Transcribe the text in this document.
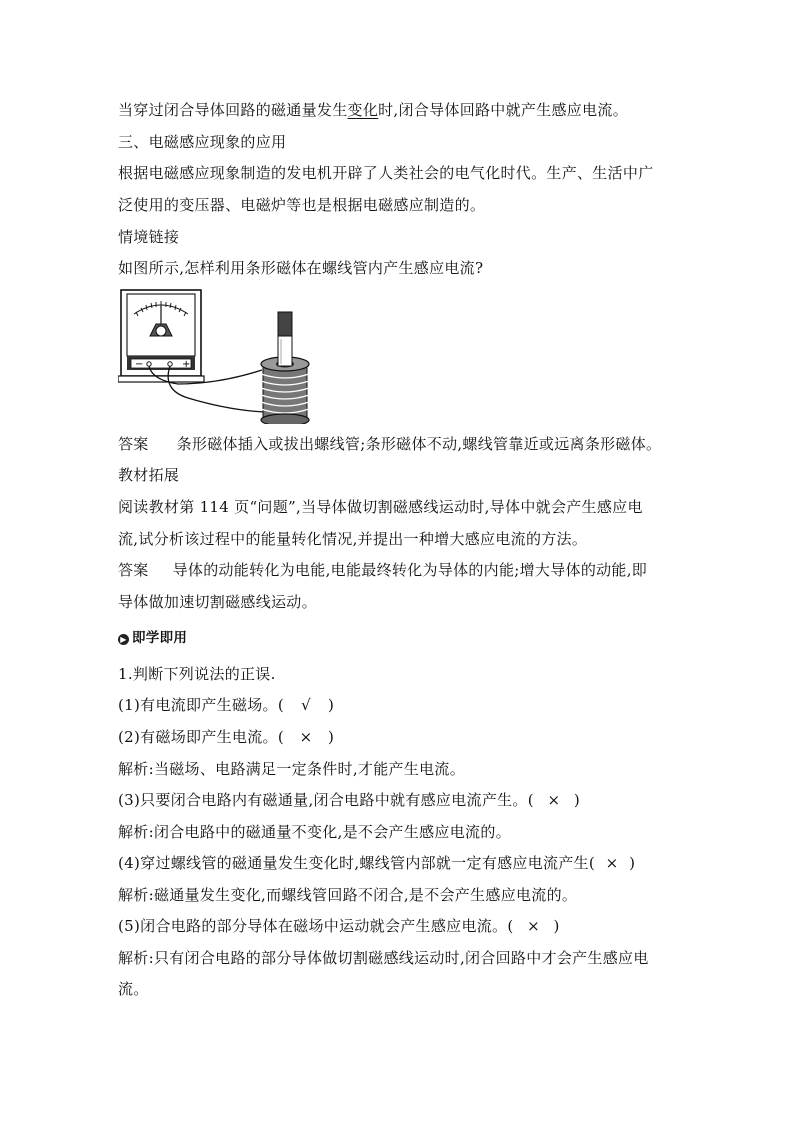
当穿过闭合导体回路的磁通量发生变化时,闭合导体回路中就产生感应电流。
三、电磁感应现象的应用
根据电磁感应现象制造的发电机开辟了人类社会的电气化时代。生产、生活中广
泛使用的变压器、电磁炉等也是根据电磁感应制造的。
情境链接
如图所示,怎样利用条形磁体在螺线管内产生感应电流?
−	+
答案 条形磁体插入或拔出螺线管;条形磁体不动,螺线管靠近或远离条形磁体。
教材拓展
阅读教材第 114 页“问题”,当导体做切割磁感线运动时,导体中就会产生感应电
流,试分析该过程中的能量转化情况,并提出一种增大感应电流的方法。
答案 导体的动能转化为电能,电能最终转化为导体的内能;增大导体的动能,即
导体做加速切割磁感线运动。
▶ 即学即用
1.判断下列说法的正误.
(1)有电流即产生磁场。( √ )
(2)有磁场即产生电流。( × )
解析:当磁场、电路满足一定条件时,才能产生电流。
(3)只要闭合电路内有磁通量,闭合电路中就有感应电流产生。( × )
解析:闭合电路中的磁通量不变化,是不会产生感应电流的。
(4)穿过螺线管的磁通量发生变化时,螺线管内部就一定有感应电流产生( × )
解析:磁通量发生变化,而螺线管回路不闭合,是不会产生感应电流的。
(5)闭合电路的部分导体在磁场中运动就会产生感应电流。( × )
解析:只有闭合电路的部分导体做切割磁感线运动时,闭合回路中才会产生感应电
流。
